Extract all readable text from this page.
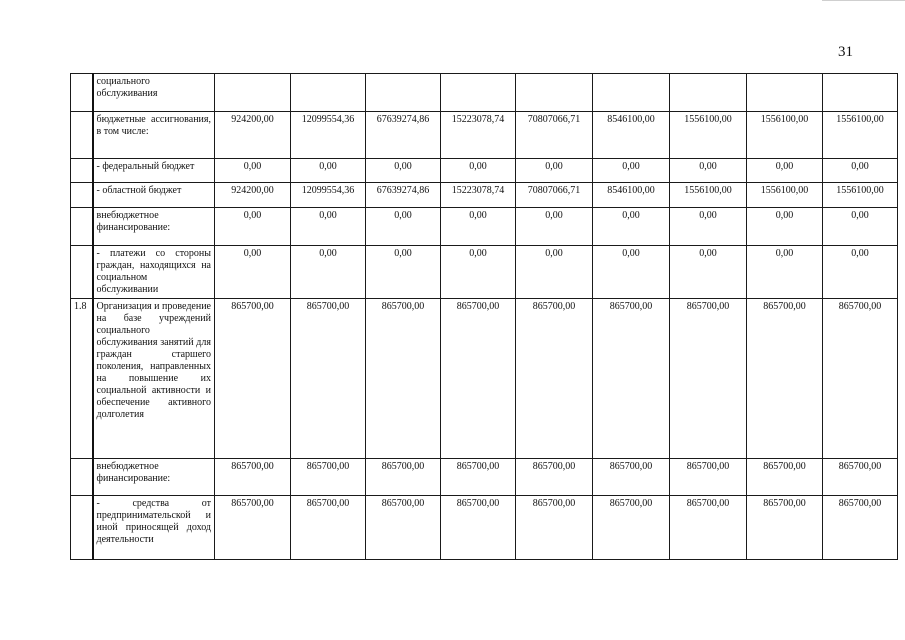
31
	социального обслуживания									
	бюджетные ассигнования, в том числе:	924200,00	12099554,36	67639274,86	15223078,74	70807066,71	8546100,00	1556100,00	1556100,00	1556100,00
	- федеральный бюджет	0,00	0,00	0,00	0,00	0,00	0,00	0,00	0,00	0,00
	- областной бюджет	924200,00	12099554,36	67639274,86	15223078,74	70807066,71	8546100,00	1556100,00	1556100,00	1556100,00
	внебюджетное финансирование:	0,00	0,00	0,00	0,00	0,00	0,00	0,00	0,00	0,00
	- платежи со стороны граждан, находящихся на социальном обслуживании	0,00	0,00	0,00	0,00	0,00	0,00	0,00	0,00	0,00
1.8	Организация и проведение на базе учреждений социального обслуживания занятий для граждан старшего поколения, направленных на повышение их социальной активности и обеспечение активного долголетия	865700,00	865700,00	865700,00	865700,00	865700,00	865700,00	865700,00	865700,00	865700,00
	внебюджетное финансирование:	865700,00	865700,00	865700,00	865700,00	865700,00	865700,00	865700,00	865700,00	865700,00
	- средства от предпринимательской и иной приносящей доход деятельности	865700,00	865700,00	865700,00	865700,00	865700,00	865700,00	865700,00	865700,00	865700,00
